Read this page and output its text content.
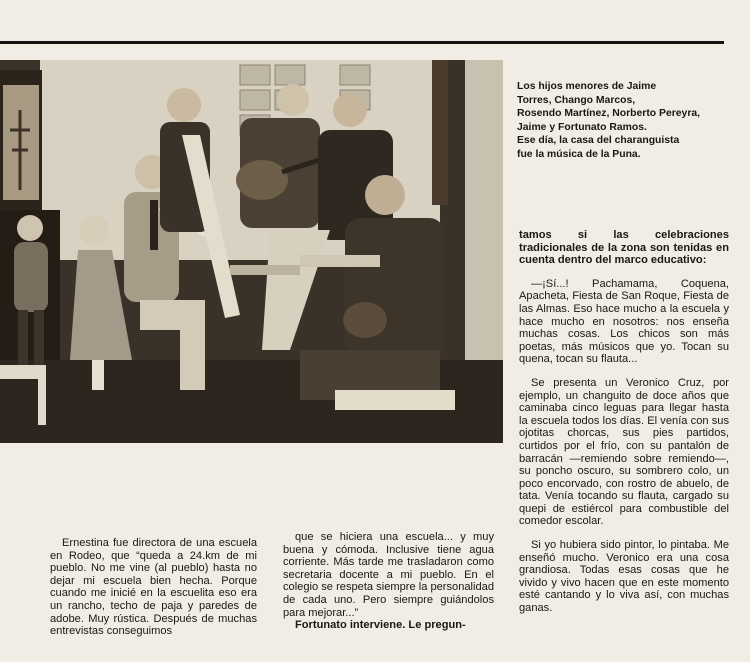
Los hijos menores de Jaime
Torres, Chango Marcos,
Rosendo Martínez, Norberto Pereyra,
Jaime y Fortunato Ramos.
Ese día, la casa del charanguista
fue la música de la Puna.

Ernestina fue directora de una escuela en Rodeo, que “queda a 24.km de mi pueblo. No me vine (al pueblo) hasta no dejar mi escuela bien hecha. Porque cuando me inicié en la escuelita eso era un rancho, techo de paja y paredes de adobe. Muy rústica. Después de muchas entrevistas conseguimos

que se hiciera una escuela... y muy buena y cómoda. Inclusive tiene agua corriente. Más tarde me trasladaron como secretaria docente a mi pueblo. En el colegio se respeta siempre la personalidad de cada uno. Pero siempre guiándolos para mejorar...”

Fortunato interviene. Le pregun-

tamos si las celebraciones tradicionales de la zona son tenidas en cuenta dentro del marco educativo:

—¡Sí...! Pachamama, Coquena, Apacheta, Fiesta de San Roque, Fiesta de las Almas. Eso hace mucho a la escuela y hace mucho en nosotros: nos enseña muchas cosas. Los chicos son más poetas, más músicos que yo. Tocan su quena, tocan su flauta...

Se presenta un Veronico Cruz, por ejemplo, un changuito de doce años que caminaba cinco leguas para llegar hasta la escuela todos los días. El venía con sus ojotitas chorcas, sus pies partidos, curtidos por el frío, con su pantalón de barracán —remiendo sobre remiendo—, su poncho oscuro, su sombrero colo, un poco encorvado, con rostro de abuelo, de tata. Venía tocando su flauta, cargado su quepi de estiércol para combustible del comedor escolar.

Si yo hubiera sido pintor, lo pintaba. Me enseñó mucho. Veronico era una cosa grandiosa. Todas esas cosas que he vivido y vivo hacen que en este momento esté cantando y lo viva así, con muchas ganas.
